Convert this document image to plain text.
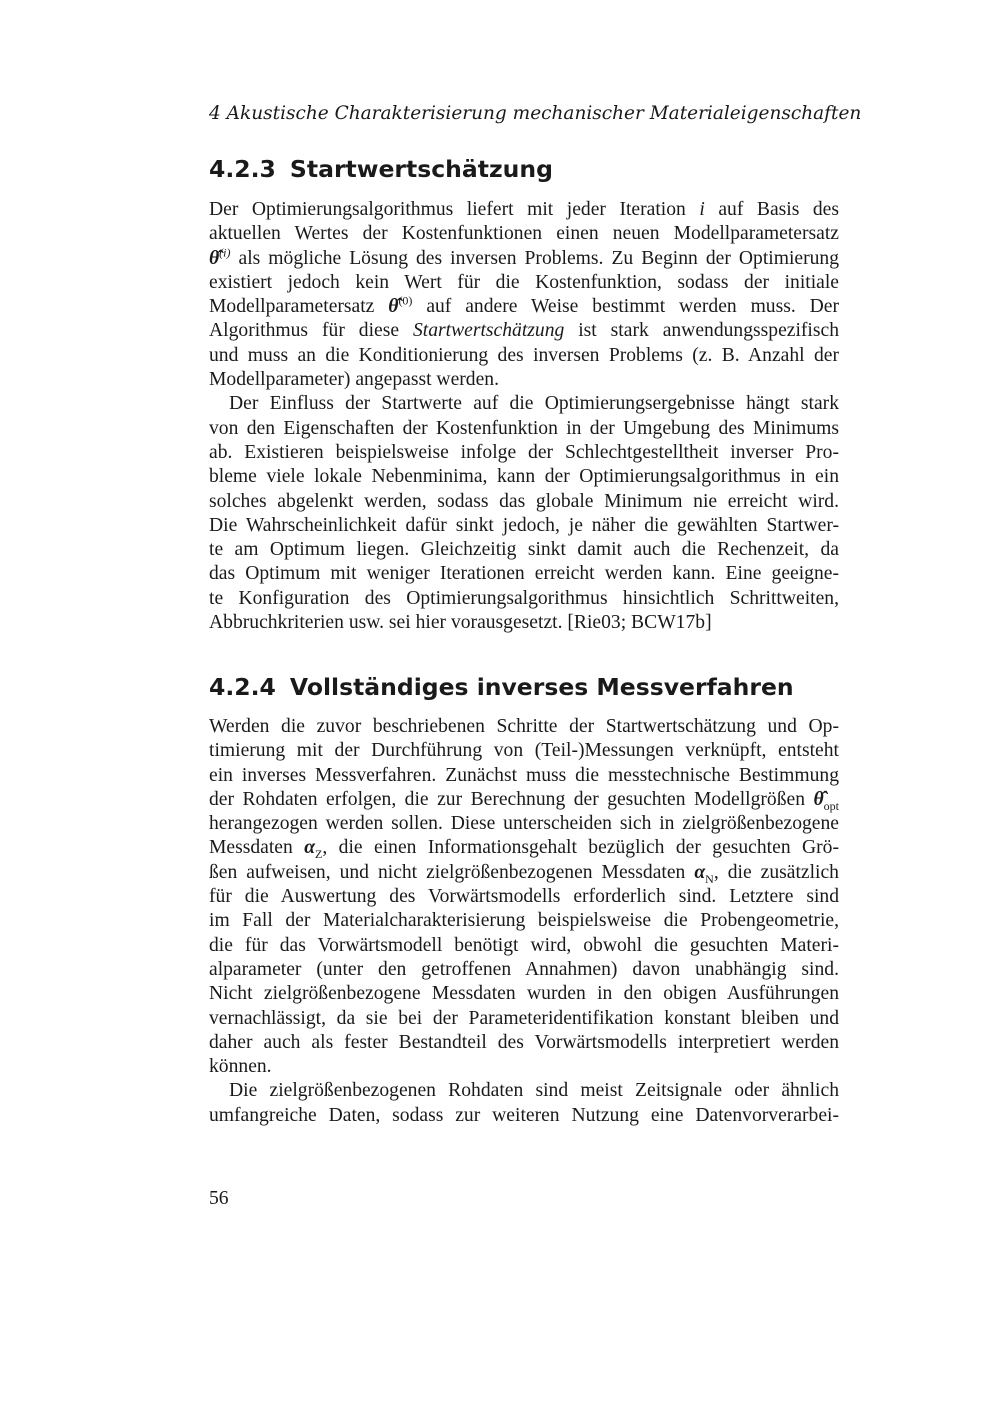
4 Akustische Charakterisierung mechanischer Materialeigenschaften
4.2.3 Startwertschätzung
Der Optimierungsalgorithmus liefert mit jeder Iteration i auf Basis des
aktuellen Wertes der Kostenfunktionen einen neuen Modellparametersatz
θ̂$^{(i)}$ als mögliche Lösung des inversen Problems. Zu Beginn der Optimierung
existiert jedoch kein Wert für die Kostenfunktion, sodass der initiale
Modellparametersatz θ̂$^{(0)}$ auf andere Weise bestimmt werden muss. Der
Algorithmus für diese Startwertschätzung ist stark anwendungsspezifisch
und muss an die Konditionierung des inversen Problems (z. B. Anzahl der
Modellparameter) angepasst werden.
Der Einfluss der Startwerte auf die Optimierungsergebnisse hängt stark
von den Eigenschaften der Kostenfunktion in der Umgebung des Minimums
ab. Existieren beispielsweise infolge der Schlechtgestelltheit inverser Pro-
bleme viele lokale Nebenminima, kann der Optimierungsalgorithmus in ein
solches abgelenkt werden, sodass das globale Minimum nie erreicht wird.
Die Wahrscheinlichkeit dafür sinkt jedoch, je näher die gewählten Startwer-
te am Optimum liegen. Gleichzeitig sinkt damit auch die Rechenzeit, da
das Optimum mit weniger Iterationen erreicht werden kann. Eine geeigne-
te Konfiguration des Optimierungsalgorithmus hinsichtlich Schrittweiten,
Abbruchkriterien usw. sei hier vorausgesetzt. [Rie03; BCW17b]
4.2.4 Vollständiges inverses Messverfahren
Werden die zuvor beschriebenen Schritte der Startwertschätzung und Op-
timierung mit der Durchführung von (Teil-)Messungen verknüpft, entsteht
ein inverses Messverfahren. Zunächst muss die messtechnische Bestimmung
der Rohdaten erfolgen, die zur Berechnung der gesuchten Modellgrößen $\thetâ_{opt}$
herangezogen werden sollen. Diese unterscheiden sich in zielgrößenbezogene
Messdaten $\alpha_Z$, die einen Informationsgehalt bezüglich der gesuchten Grö-
ßen aufweisen, und nicht zielgrößenbezogenen Messdaten $\alpha_N$, die zusätzlich
für die Auswertung des Vorwärtsmodells erforderlich sind. Letztere sind
im Fall der Materialcharakterisierung beispielsweise die Probengeometrie,
die für das Vorwärtsmodell benötigt wird, obwohl die gesuchten Materi-
alparameter (unter den getroffenen Annahmen) davon unabhängig sind.
Nicht zielgrößenbezogene Messdaten wurden in den obigen Ausführungen
vernachlässigt, da sie bei der Parameteridentifikation konstant bleiben und
daher auch als fester Bestandteil des Vorwärtsmodells interpretiert werden
können.
Die zielgrößenbezogenen Rohdaten sind meist Zeitsignale oder ähnlich
umfangreiche Daten, sodass zur weiteren Nutzung eine Datenvorverarbei-
56
